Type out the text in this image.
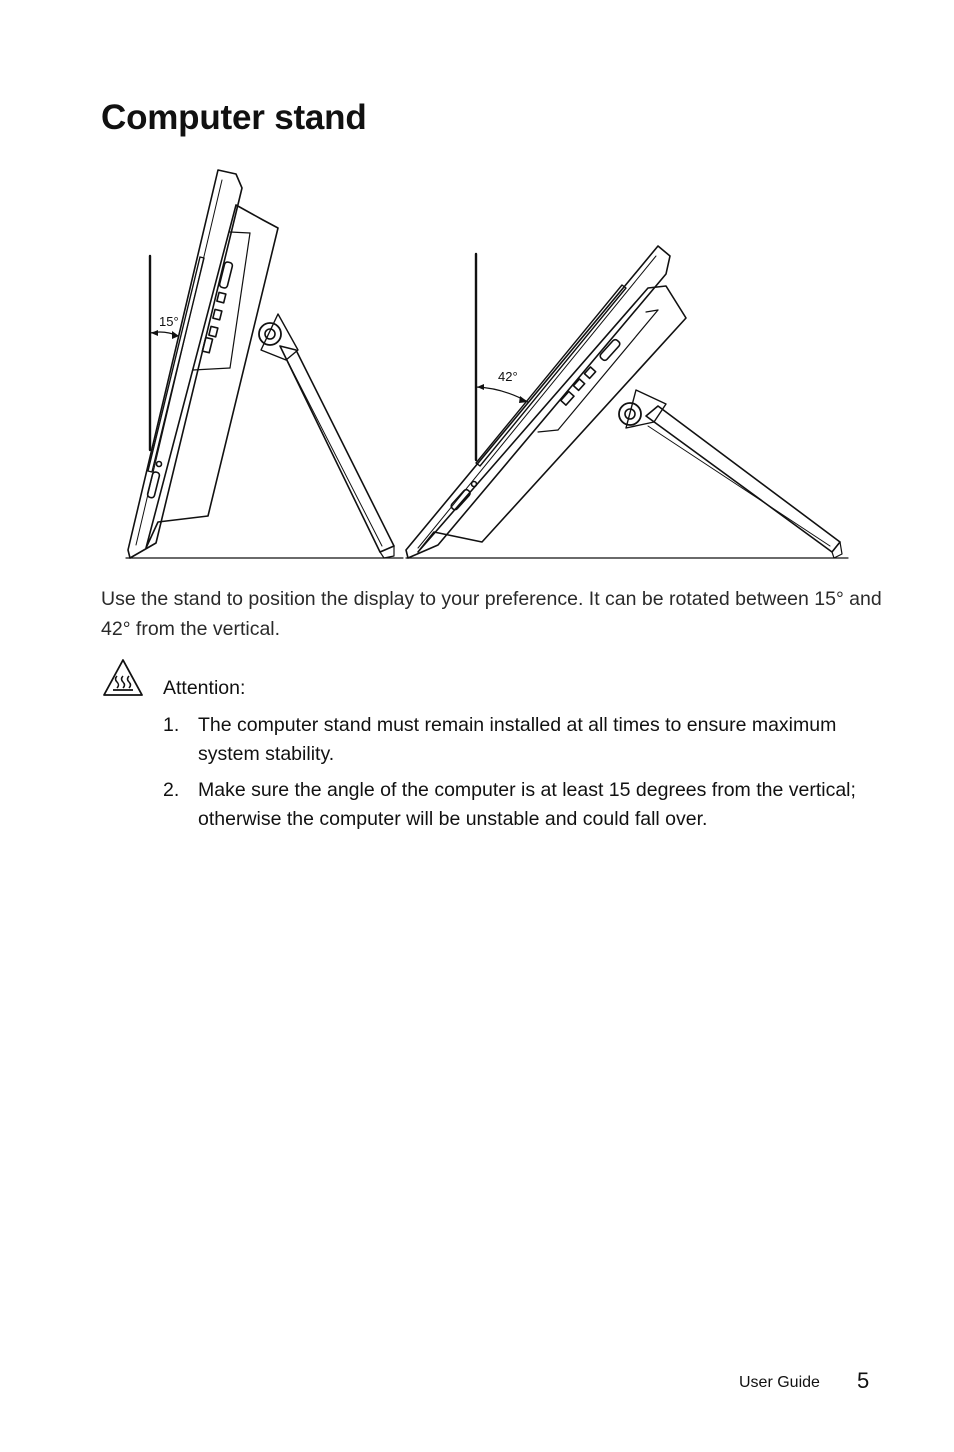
Computer stand
15°
42°

Use the stand to position the display to your preference. It can be rotated between 15° and 42° from the vertical.

Attention:
1. The computer stand must remain installed at all times to ensure maximum system stability.
2. Make sure the angle of the computer is at least 15 degrees from the vertical; otherwise the computer will be unstable and could fall over.
User Guide 5
